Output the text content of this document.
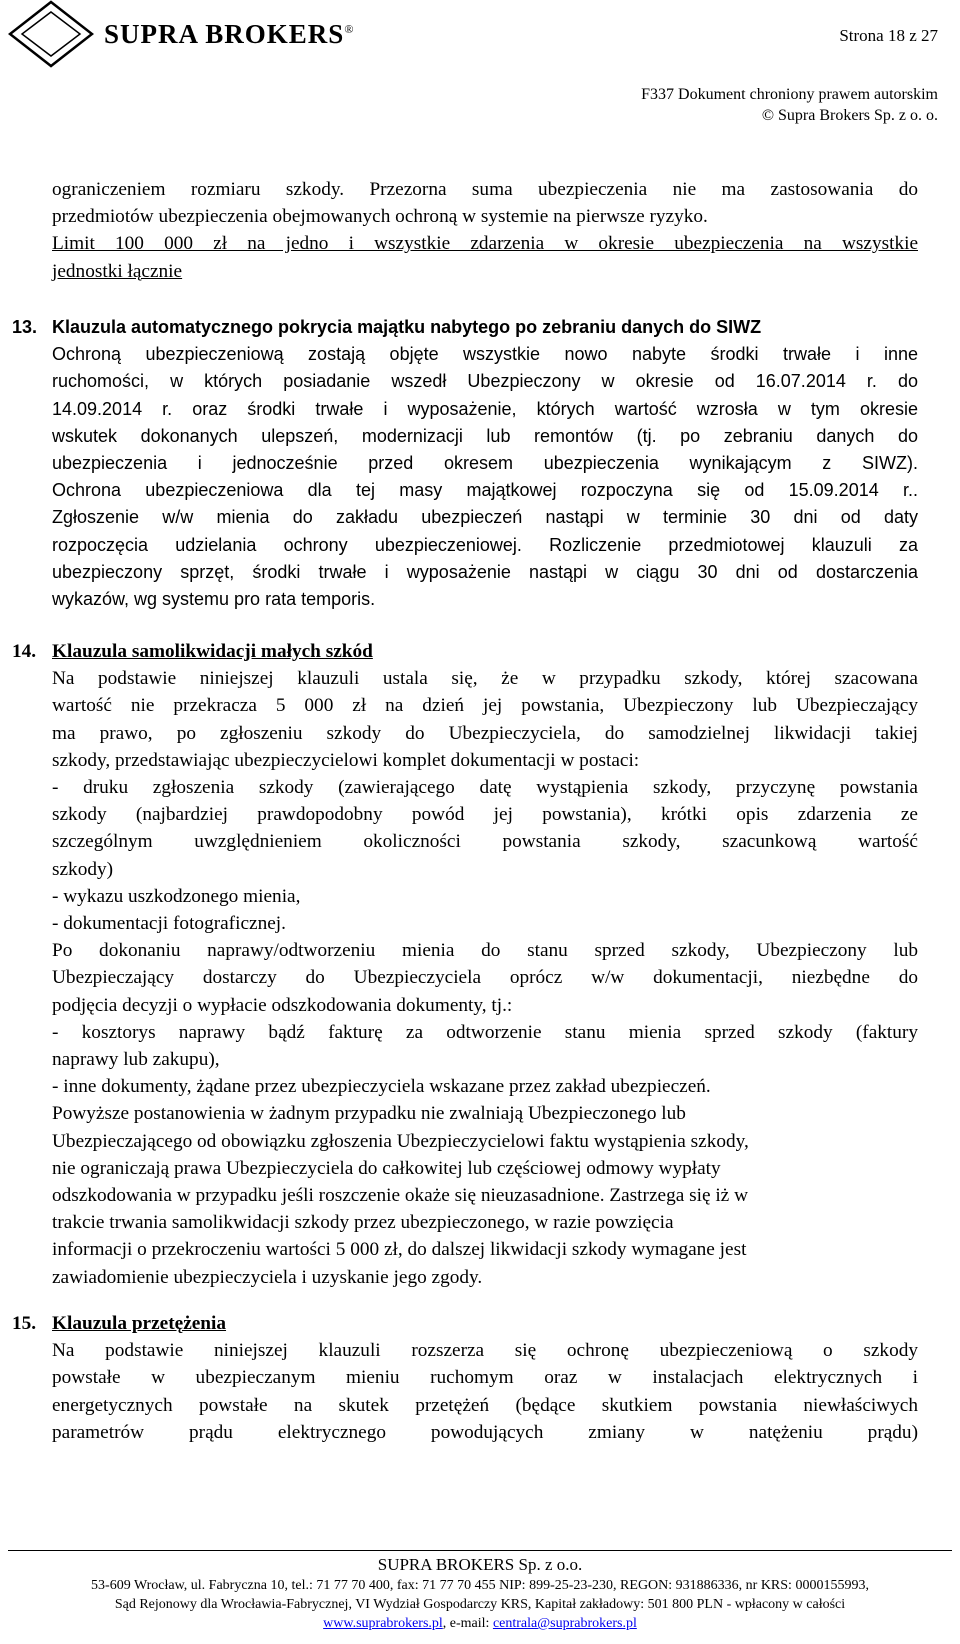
SUPRA BROKERS®	Strona 18 z 27
F337 Dokument chroniony prawem autorskim
© Supra Brokers Sp. z o. o.
ograniczeniem rozmiaru szkody. Przezorna suma ubezpieczenia nie ma zastosowania do
przedmiotów ubezpieczenia obejmowanych ochroną w systemie na pierwsze ryzyko.
Limit 100 000 zł na jedno i wszystkie zdarzenia w okresie ubezpieczenia na wszystkie
jednostki łącznie
13. Klauzula automatycznego pokrycia majątku nabytego po zebraniu danych do SIWZ
Ochroną ubezpieczeniową zostają objęte wszystkie nowo nabyte środki trwałe i inne
ruchomości, w których posiadanie wszedł Ubezpieczony w okresie od 16.07.2014 r. do
14.09.2014 r. oraz środki trwałe i wyposażenie, których wartość wzrosła w tym okresie
wskutek dokonanych ulepszeń, modernizacji lub remontów (tj. po zebraniu danych do
ubezpieczenia i jednocześnie przed okresem ubezpieczenia wynikającym z SIWZ).
Ochrona ubezpieczeniowa dla tej masy majątkowej rozpoczyna się od 15.09.2014 r..
Zgłoszenie w/w mienia do zakładu ubezpieczeń nastąpi w terminie 30 dni od daty
rozpoczęcia udzielania ochrony ubezpieczeniowej. Rozliczenie przedmiotowej klauzuli za
ubezpieczony sprzęt, środki trwałe i wyposażenie nastąpi w ciągu 30 dni od dostarczenia
wykazów, wg systemu pro rata temporis.
14. Klauzula samolikwidacji małych szkód
Na podstawie niniejszej klauzuli ustala się, że w przypadku szkody, której szacowana
wartość nie przekracza 5 000 zł na dzień jej powstania, Ubezpieczony lub Ubezpieczający
ma prawo, po zgłoszeniu szkody do Ubezpieczyciela, do samodzielnej likwidacji takiej
szkody, przedstawiając ubezpieczycielowi komplet dokumentacji w postaci:
- druku zgłoszenia szkody (zawierającego datę wystąpienia szkody, przyczynę powstania
szkody (najbardziej prawdopodobny powód jej powstania), krótki opis zdarzenia ze
szczególnym uwzględnieniem okoliczności powstania szkody, szacunkową wartość
szkody)
- wykazu uszkodzonego mienia,
- dokumentacji fotograficznej.
Po dokonaniu naprawy/odtworzeniu mienia do stanu sprzed szkody, Ubezpieczony lub
Ubezpieczający dostarczy do Ubezpieczyciela oprócz w/w dokumentacji, niezbędne do
podjęcia decyzji o wypłacie odszkodowania dokumenty, tj.:
- kosztorys naprawy bądź fakturę za odtworzenie stanu mienia sprzed szkody (faktury
naprawy lub zakupu),
- inne dokumenty, żądane przez ubezpieczyciela wskazane przez zakład ubezpieczeń.
Powyższe postanowienia w żadnym przypadku nie zwalniają Ubezpieczonego lub
Ubezpieczającego od obowiązku zgłoszenia Ubezpieczycielowi faktu wystąpienia szkody,
nie ograniczają prawa Ubezpieczyciela do całkowitej lub częściowej odmowy wypłaty
odszkodowania w przypadku jeśli roszczenie okaże się nieuzasadnione. Zastrzega się iż w
trakcie trwania samolikwidacji szkody przez ubezpieczonego, w razie powzięcia
informacji o przekroczeniu wartości 5 000 zł, do dalszej likwidacji szkody wymagane jest
zawiadomienie ubezpieczyciela i uzyskanie jego zgody.
15. Klauzula przetężenia
Na podstawie niniejszej klauzuli rozszerza się ochronę ubezpieczeniową o szkody
powstałe w ubezpieczanym mieniu ruchomym oraz w instalacjach elektrycznych i
energetycznych powstałe na skutek przetężeń (będące skutkiem powstania niewłaściwych
parametrów prądu elektrycznego powodujących zmiany w natężeniu prądu)
SUPRA BROKERS Sp. z o.o.
53-609 Wrocław, ul. Fabryczna 10, tel.: 71 77 70 400, fax: 71 77 70 455 NIP: 899-25-23-230, REGON: 931886336, nr KRS: 0000155993,
Sąd Rejonowy dla Wrocławia-Fabrycznej, VI Wydział Gospodarczy KRS, Kapitał zakładowy: 501 800 PLN - wpłacony w całości
www.suprabrokers.pl, e-mail: centrala@suprabrokers.pl
